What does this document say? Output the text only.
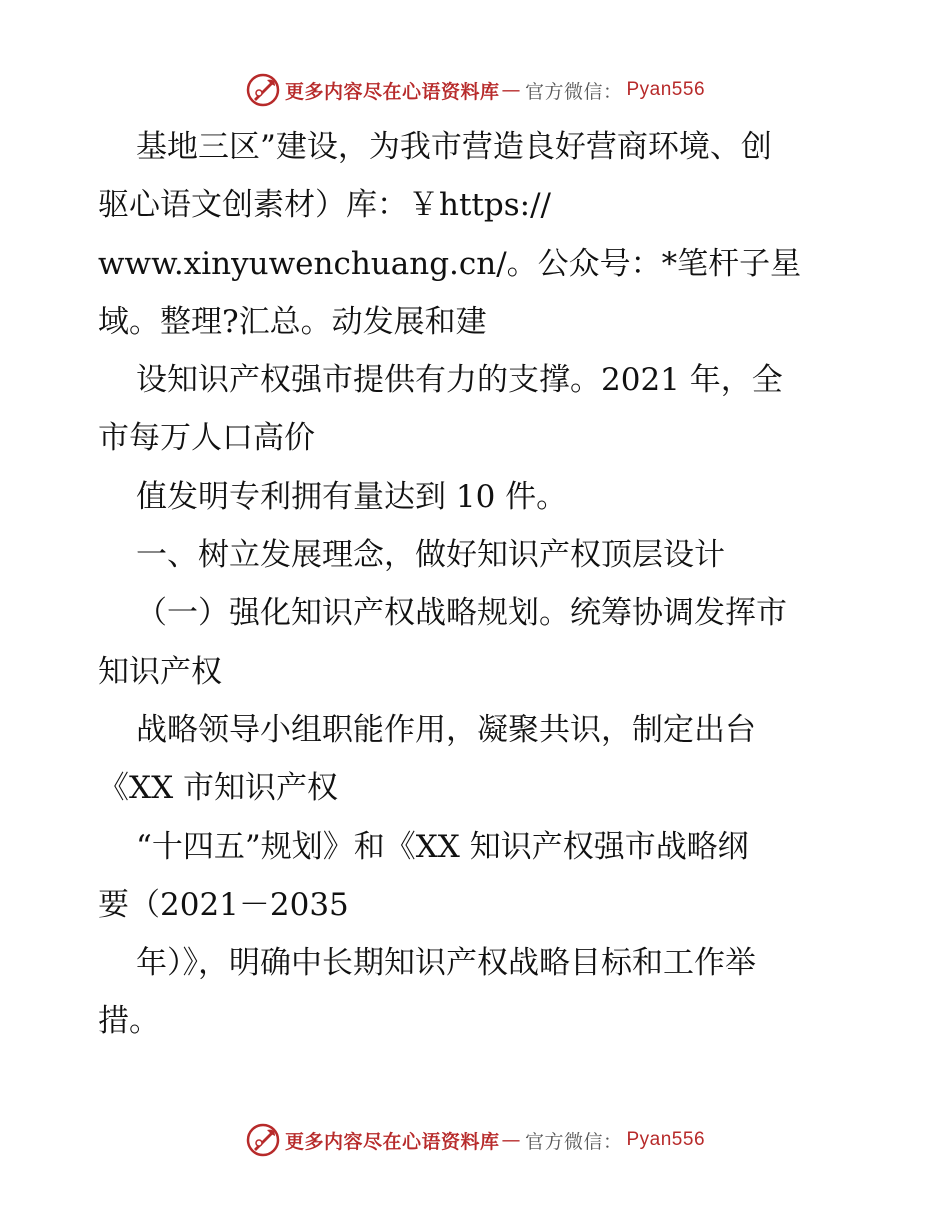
更多内容尽在心语资料库 — 官方微信： Pyan556
基地三区”建设，为我市营造良好营商环境、创
驱心语文创素材）库：￥https://
www.xinyuwenchuang.cn/。公众号：*笔杆子星
域。整理?汇总。动发展和建
设知识产权强市提供有力的支撑。2021 年，全
市每万人口高价
值发明专利拥有量达到 10 件。
一、树立发展理念，做好知识产权顶层设计
（一）强化知识产权战略规划。统筹协调发挥市
知识产权
战略领导小组职能作用，凝聚共识，制定出台
《XX 市知识产权
“十四五”规划》和《XX 知识产权强市战略纲
要（2021－2035
年）》，明确中长期知识产权战略目标和工作举
措。
更多内容尽在心语资料库 — 官方微信： Pyan556
